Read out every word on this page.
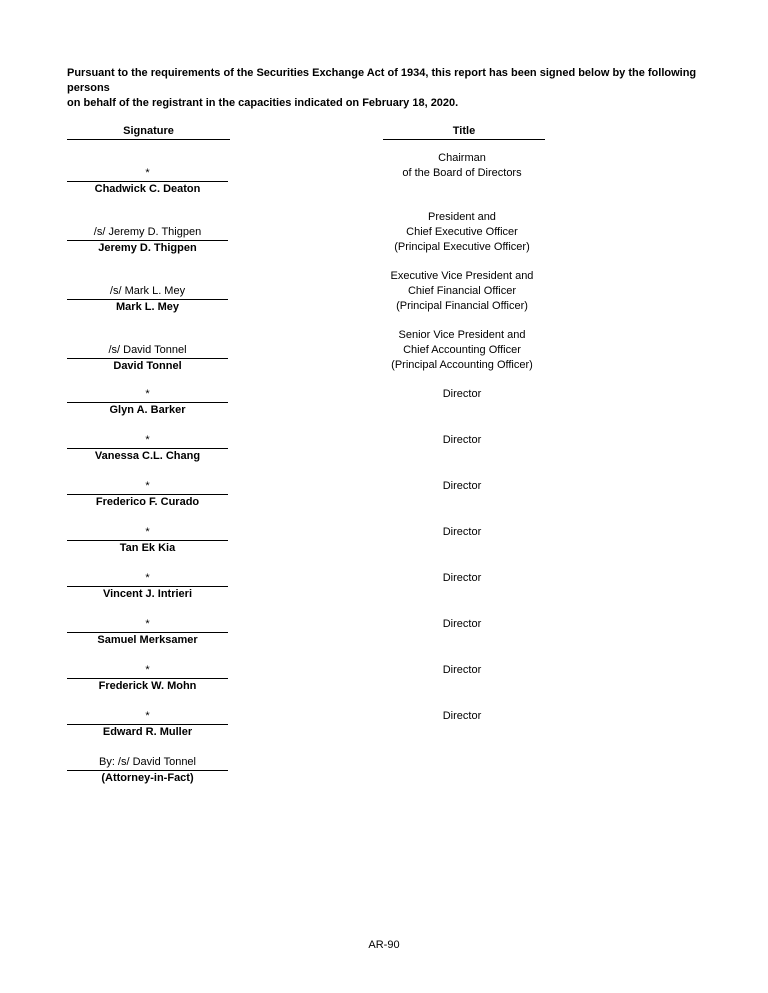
Pursuant to the requirements of the Securities Exchange Act of 1934, this report has been signed below by the following persons
on behalf of the registrant in the capacities indicated on February 18, 2020.
Signature	Title
*
Chadwick C. Deaton
Chairman
of the Board of Directors
/s/ Jeremy D. Thigpen
Jeremy D. Thigpen
President and
Chief Executive Officer
(Principal Executive Officer)
/s/ Mark L. Mey
Mark L. Mey
Executive Vice President and
Chief Financial Officer
(Principal Financial Officer)
/s/ David Tonnel
David Tonnel
Senior Vice President and
Chief Accounting Officer
(Principal Accounting Officer)
*
Glyn A. Barker
Director
*
Vanessa C.L. Chang
Director
*
Frederico F. Curado
Director
*
Tan Ek Kia
Director
*
Vincent J. Intrieri
Director
*
Samuel Merksamer
Director
*
Frederick W. Mohn
Director
*
Edward R. Muller
Director
By: /s/ David Tonnel
(Attorney-in-Fact)
AR-90
